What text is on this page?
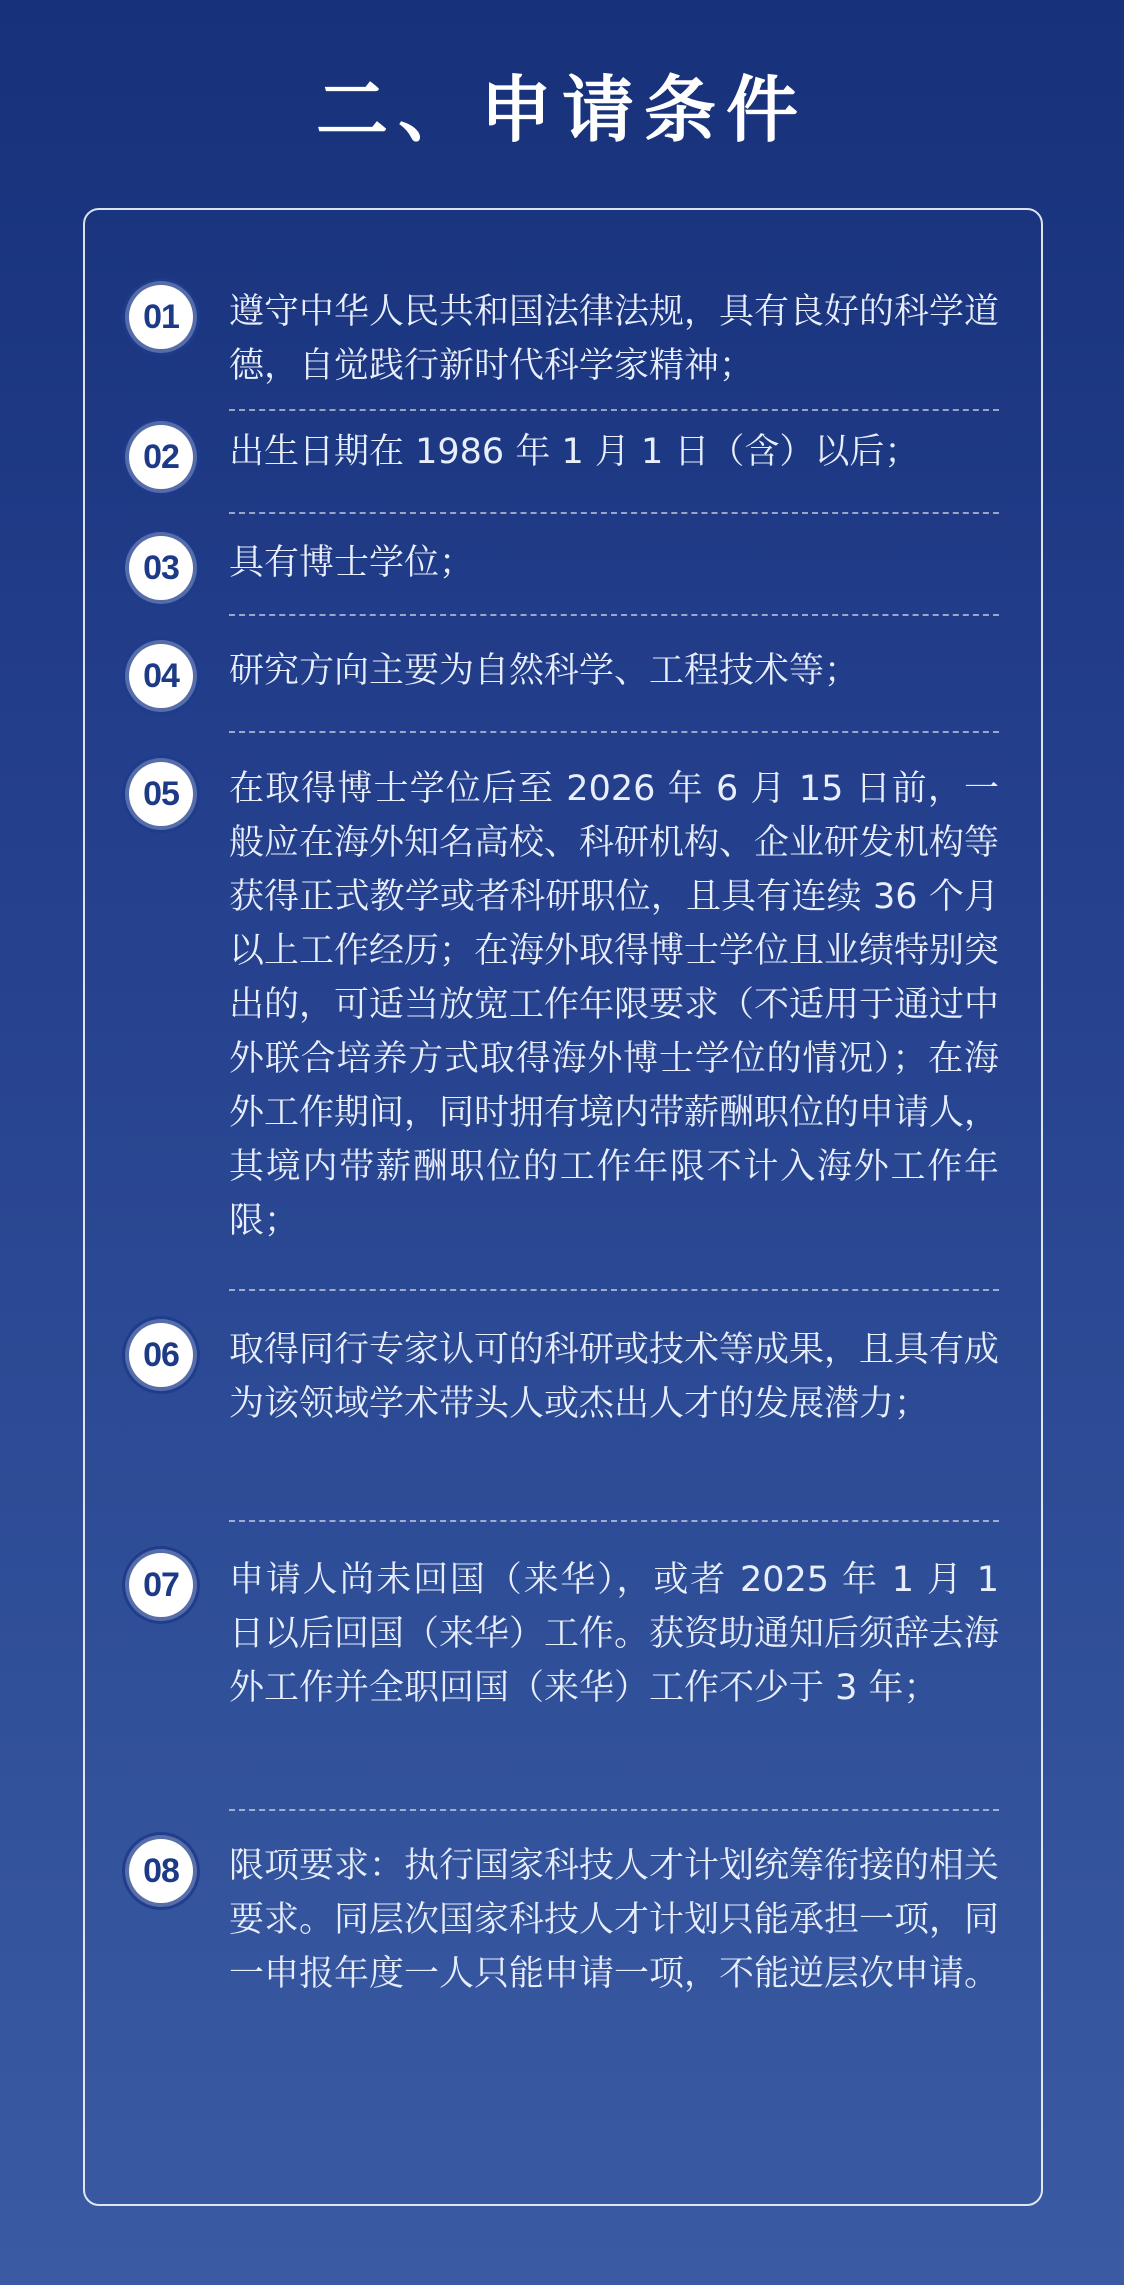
二、申请条件
01	遵守中华人民共和国法律法规，具有良好的科学道德，自觉践行新时代科学家精神；

02	出生日期在 1986 年 1 月 1 日（含）以后；

03	具有博士学位；

04	研究方向主要为自然科学、工程技术等；

05	在取得博士学位后至 2026 年 6 月 15 日前，一般应在海外知名高校、科研机构、企业研发机构等获得正式教学或者科研职位，且具有连续 36 个月以上工作经历；在海外取得博士学位且业绩特别突出的，可适当放宽工作年限要求（不适用于通过中外联合培养方式取得海外博士学位的情况）；在海外工作期间，同时拥有境内带薪酬职位的申请人，其境内带薪酬职位的工作年限不计入海外工作年限；

06	取得同行专家认可的科研或技术等成果，且具有成为该领域学术带头人或杰出人才的发展潜力；

07	申请人尚未回国（来华），或者 2025 年 1 月 1 日以后回国（来华）工作。获资助通知后须辞去海外工作并全职回国（来华）工作不少于 3 年；

08	限项要求：执行国家科技人才计划统筹衔接的相关要求。同层次国家科技人才计划只能承担一项，同一申报年度一人只能申请一项，不能逆层次申请。
